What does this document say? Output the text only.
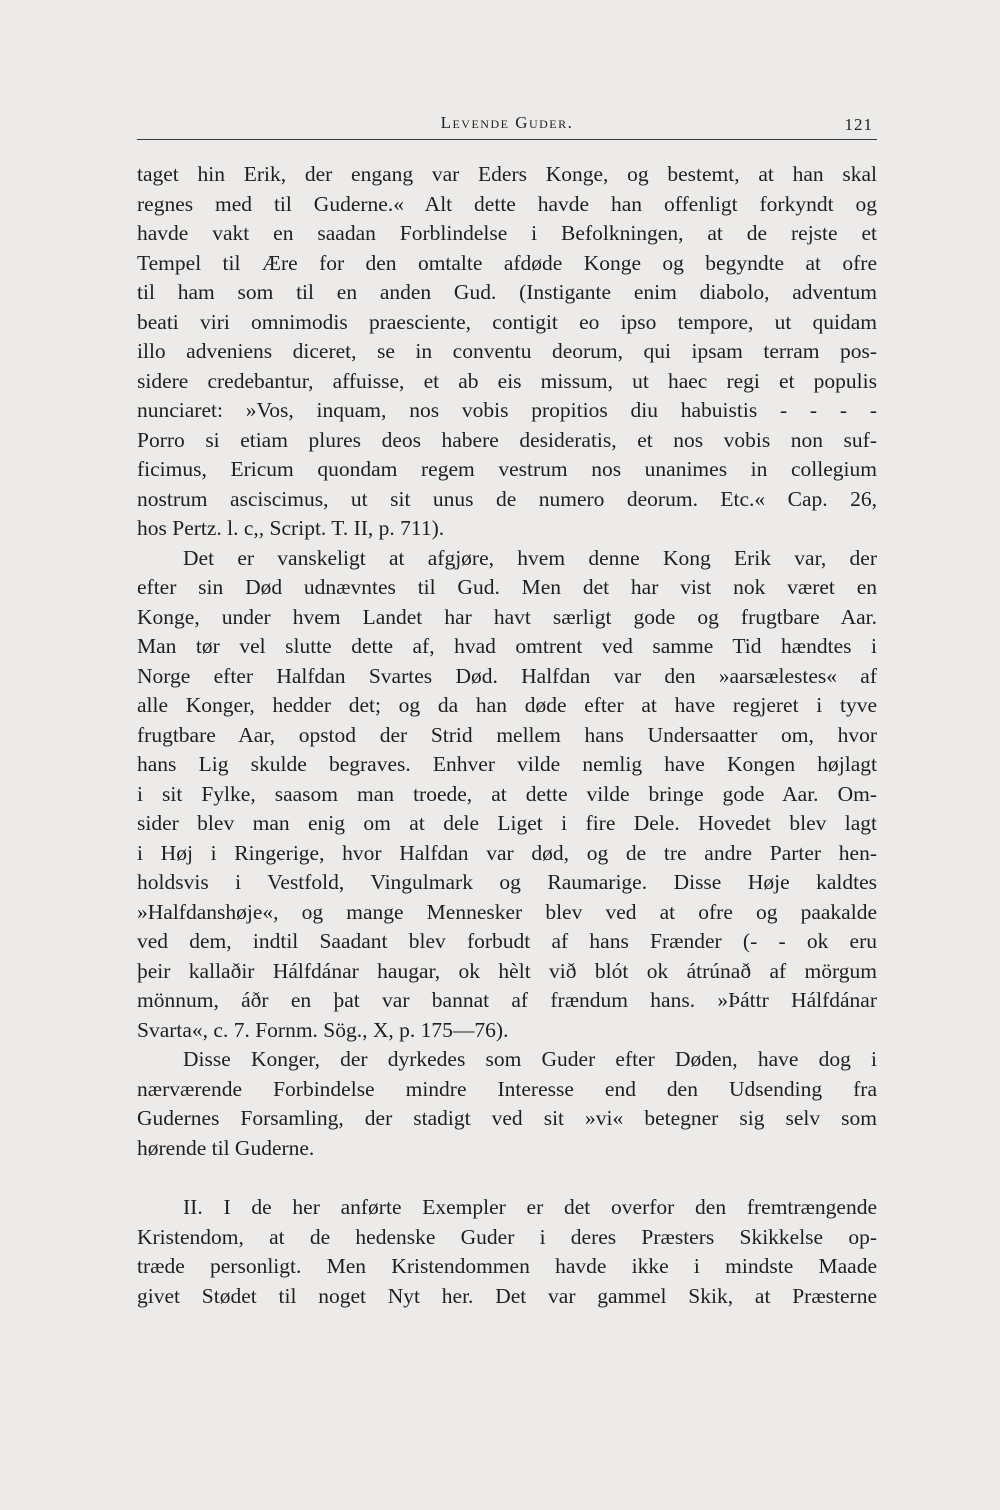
Levende Guder.	121
taget hin Erik, der engang var Eders Konge, og bestemt, at han skal
regnes med til Guderne.« Alt dette havde han offenligt forkyndt og
havde vakt en saadan Forblindelse i Befolkningen, at de rejste et
Tempel til Ære for den omtalte afdøde Konge og begyndte at ofre
til ham som til en anden Gud. (Instigante enim diabolo, adventum
beati viri omnimodis praesciente, contigit eo ipso tempore, ut quidam
illo adveniens diceret, se in conventu deorum, qui ipsam terram pos-
sidere credebantur, affuisse, et ab eis missum, ut haec regi et populis
nunciaret: »Vos, inquam, nos vobis propitios diu habuistis - - - -
Porro si etiam plures deos habere desideratis, et nos vobis non suf-
ficimus, Ericum quondam regem vestrum nos unanimes in collegium
nostrum asciscimus, ut sit unus de numero deorum. Etc.« Cap. 26,
hos Pertz. l. c,, Script. T. II, p. 711).
Det er vanskeligt at afgjøre, hvem denne Kong Erik var, der
efter sin Død udnævntes til Gud. Men det har vist nok været en
Konge, under hvem Landet har havt særligt gode og frugtbare Aar.
Man tør vel slutte dette af, hvad omtrent ved samme Tid hændtes i
Norge efter Halfdan Svartes Død. Halfdan var den »aarsælestes« af
alle Konger, hedder det; og da han døde efter at have regjeret i tyve
frugtbare Aar, opstod der Strid mellem hans Undersaatter om, hvor
hans Lig skulde begraves. Enhver vilde nemlig have Kongen højlagt
i sit Fylke, saasom man troede, at dette vilde bringe gode Aar. Om-
sider blev man enig om at dele Liget i fire Dele. Hovedet blev lagt
i Høj i Ringerige, hvor Halfdan var død, og de tre andre Parter hen-
holdsvis i Vestfold, Vingulmark og Raumarige. Disse Høje kaldtes
»Halfdanshøje«, og mange Mennesker blev ved at ofre og paakalde
ved dem, indtil Saadant blev forbudt af hans Frænder (- - ok eru
þeir kallaðir Hálfdánar haugar, ok hèlt við blót ok átrúnað af mörgum
mönnum, áðr en þat var bannat af frændum hans. »Þáttr Hálfdánar
Svarta«, c. 7. Fornm. Sög., X, p. 175—76).
Disse Konger, der dyrkedes som Guder efter Døden, have dog i
nærværende Forbindelse mindre Interesse end den Udsending fra
Gudernes Forsamling, der stadigt ved sit »vi« betegner sig selv som
hørende til Guderne.
II. I de her anførte Exempler er det overfor den fremtrængende
Kristendom, at de hedenske Guder i deres Præsters Skikkelse op-
træde personligt. Men Kristendommen havde ikke i mindste Maade
givet Stødet til noget Nyt her. Det var gammel Skik, at Præsterne
